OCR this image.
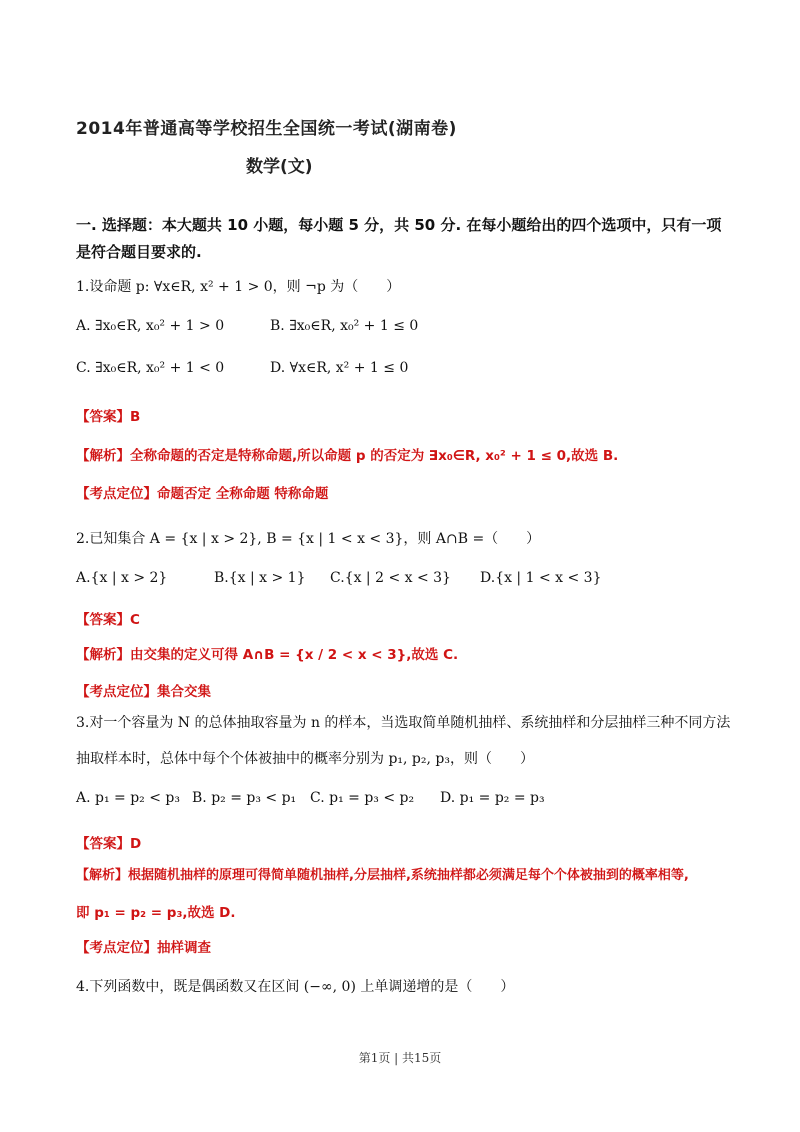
2014年普通高等学校招生全国统一考试(湖南卷)
数学(文)
一. 选择题：本大题共 10 小题，每小题 5 分，共 50 分. 在每小题给出的四个选项中，只有一项
是符合题目要求的.
1.设命题 p: ∀x∈R, x² + 1 > 0，则 ¬p 为（　　）
A. ∃x₀∈R, x₀² + 1 > 0	B. ∃x₀∈R, x₀² + 1 ≤ 0
C. ∃x₀∈R, x₀² + 1 < 0	D. ∀x∈R, x² + 1 ≤ 0
【答案】B
【解析】全称命题的否定是特称命题,所以命题 p 的否定为 ∃x₀∈R, x₀² + 1 ≤ 0,故选 B.
【考点定位】命题否定 全称命题 特称命题
2.已知集合 A = {x | x > 2}, B = {x | 1 < x < 3}，则 A∩B =（　　）
A.{x | x > 2}	B.{x | x > 1} C.{x | 2 < x < 3} D.{x | 1 < x < 3}
【答案】C
【解析】由交集的定义可得 A∩B = {x / 2 < x < 3},故选 C.
【考点定位】集合交集
3.对一个容量为 N 的总体抽取容量为 n 的样本，当选取简单随机抽样、系统抽样和分层抽样三种不同方法
抽取样本时，总体中每个个体被抽中的概率分别为 p₁, p₂, p₃，则（　　）
A. p₁ = p₂ < p₃ B. p₂ = p₃ < p₁ C. p₁ = p₃ < p₂ D. p₁ = p₂ = p₃
【答案】D
【解析】根据随机抽样的原理可得简单随机抽样,分层抽样,系统抽样都必须满足每个个体被抽到的概率相等,
即 p₁ = p₂ = p₃,故选 D.
【考点定位】抽样调查
4.下列函数中，既是偶函数又在区间 (−∞, 0) 上单调递增的是（　　）
第1页 | 共15页
